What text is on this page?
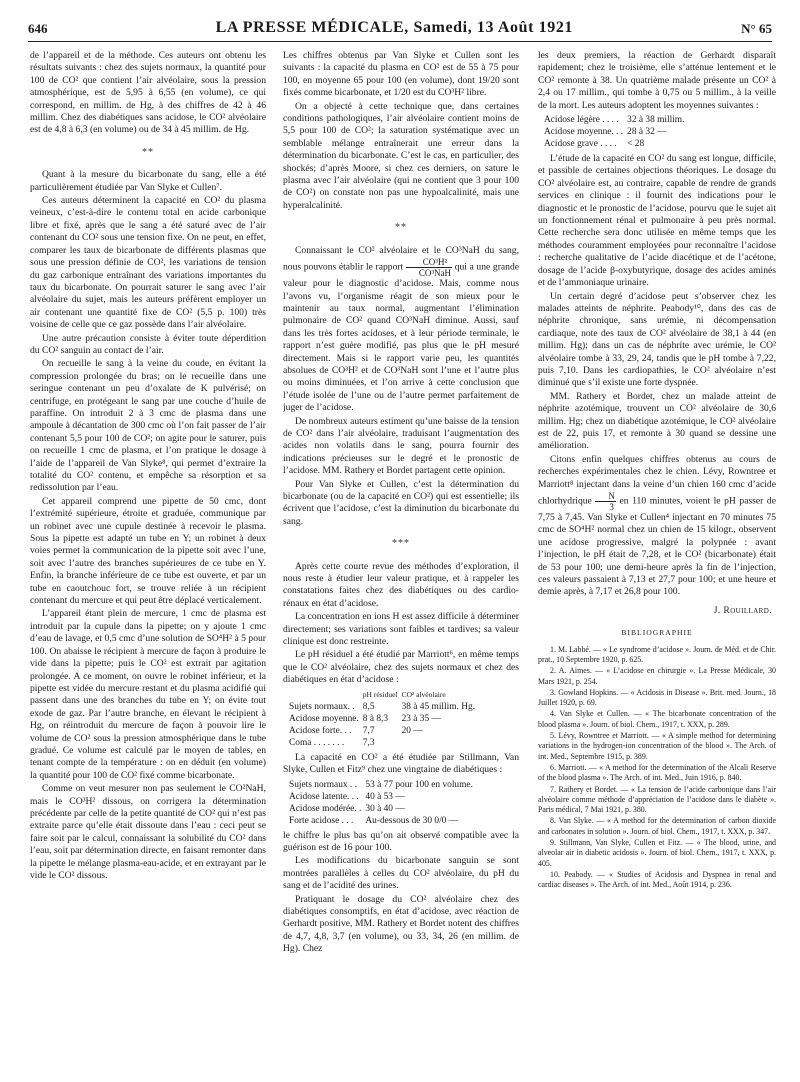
646	LA PRESSE MÉDICALE, Samedi, 13 Août 1921	N° 65

de l’appareil et de la méthode. Ces auteurs ont obtenu les résultats suivants : chez des sujets normaux, la quantité pour 100 de CO² que contient l’air alvéolaire, sous la pression atmosphérique, est de 5,95 à 6,55 (en volume), ce qui correspond, en millim. de Hg, à des chiffres de 42 à 46 millim. Chez des diabétiques sans acidose, le CO² alvéolaire est de 4,8 à 6,3 (en volume) ou de 34 à 45 millim. de Hg.

**

Quant à la mesure du bicarbonate du sang, elle a été particulièrement étudiée par Van Slyke et Cullen⁷.

Ces auteurs déterminent la capacité en CO² du plasma veineux, c’est-à-dire le contenu total en acide carbonique libre et fixé, après que le sang a été saturé avec de l’air contenant du CO² sous une tension fixe. On ne peut, en effet, comparer les taux de bicarbonate de différents plasmas que sous une pression définie de CO², les variations de tension du gaz carbonique entraînant des variations importantes du taux du bicarbonate. On pourrait saturer le sang avec l’air alvéolaire du sujet, mais les auteurs préfèrent employer un air contenant une quantité fixe de CO² (5,5 p. 100) très voisine de celle que ce gaz possède dans l’air alvéolaire.

Une autre précaution consiste à éviter toute déperdition du CO² sanguin au contact de l’air.

On recueille le sang à la veine du coude, en évitant la compression prolongée du bras; on le recueille dans une seringue contenant un peu d’oxalate de K pulvérisé; on centrifuge, en protégeant le sang par une couche d’huile de paraffine. On introduit 2 à 3 cmc de plasma dans une ampoule à décantation de 300 cmc où l’on fait passer de l’air contenant 5,5 pour 100 de CO²; on agite pour le saturer, puis on recueille 1 cmc de plasma, et l’on pratique le dosage à l’aide de l’appareil de Van Slyke⁸, qui permet d’extraire la totalité du CO² contenu, et empêche sa résorption et sa redissolution par l’eau.

Cet appareil comprend une pipette de 50 cmc, dont l’extrémité supérieure, étroite et graduée, communique par un robinet avec une cupule destinée à recevoir le plasma. Sous la pipette est adapté un tube en Y; un robinet à deux voies permet la communication de la pipette soit avec l’une, soit avec l’autre des branches supérieures de ce tube en Y. Enfin, la branche inférieure de ce tube est ouverte, et par un tube en caoutchouc fort, se trouve reliée à un récipient contenant du mercure et qui peut être déplacé verticalement.

L’appareil étant plein de mercure, 1 cmc de plasma est introduit par la cupule dans la pipette; on y ajoute 1 cmc d’eau de lavage, et 0,5 cmc d’une solution de SO⁴H² à 5 pour 100. On abaisse le récipient à mercure de façon à produire le vide dans la pipette; puis le CO² est extrait par agitation prolongée. A ce moment, on ouvre le robinet inférieur, et la pipette est vidée du mercure restant et du plasma acidifié qui passent dans une des branches du tube en Y; on évite tout exode de gaz. Par l’autre branche, en élevant le récipient à Hg, on réintroduit du mercure de façon à pouvoir lire le volume de CO² sous la pression atmosphérique dans le tube gradué. Ce volume est calculé par le moyen de tables, en tenant compte de la température : on en déduit (en volume) la quantité pour 100 de CO² fixé comme bicarbonate.

Comme on veut mesurer non pas seulement le CO²NaH, mais le CO³H² dissous, on corrigera la détermination précédente par celle de la petite quantité de CO² qui n’est pas extraite parce qu’elle était dissoute dans l’eau : ceci peut se faire soit par le calcul, connaissant la solubilité du CO² dans l’eau, soit par détermination directe, en faisant remonter dans la pipette le mélange plasma-eau-acide, et en extrayant par le vide le CO² dissous.

Les chiffres obtenus par Van Slyke et Cullen sont les suivants : la capacité du plasma en CO² est de 55 à 75 pour 100, en moyenne 65 pour 100 (en volume), dont 19/20 sont fixés comme bicarbonate, et 1/20 est du CO³H² libre.

On a objecté à cette technique que, dans certaines conditions pathologiques, l’air alvéolaire contient moins de 5,5 pour 100 de CO²; la saturation systématique avec un semblable mélange entraînerait une erreur dans la détermination du bicarbonate. C’est le cas, en particulier, des shockés; d’après Moore, si chez ces derniers, on sature le plasma avec l’air alvéolaire (qui ne contient que 3 pour 100 de CO²) on constate non pas une hypoalcalinité, mais une hyperalcalinité.

**

Connaissant le CO² alvéolaire et le CO³NaH du sang, nous pouvons établir le rapport $\frac{\text{CO³H²}}{\text{CO³NaH}}$ qui a une grande valeur pour le diagnostic d’acidose. Mais, comme nous l’avons vu, l’organisme réagit de son mieux pour le maintenir au taux normal, augmentant l’élimination pulmonaire de CO² quand CO³NaH diminue. Aussi, sauf dans les très fortes acidoses, et à leur période terminale, le rapport n’est guère modifié, pas plus que le pH mesuré directement. Mais si le rapport varie peu, les quantités absolues de CO³H² et de CO³NaH sont l’une et l’autre plus ou moins diminuées, et l’on arrive à cette conclusion que l’étude isolée de l’une ou de l’autre permet parfaitement de juger de l’acidose.

De nombreux auteurs estiment qu’une baisse de la tension de CO² dans l’air alvéolaire, traduisant l’augmentation des acides non volatils dans le sang, pourra fournir des indications précieuses sur le degré et le pronostic de l’acidose. MM. Rathery et Bordet partagent cette opinion.

Pour Van Slyke et Cullen, c’est la détermination du bicarbonate (ou de la capacité en CO²) qui est essentielle; ils écrivent que l’acidose, c’est la diminution du bicarbonate du sang.

***

Après cette courte revue des méthodes d’exploration, il nous reste à étudier leur valeur pratique, et à rappeler les constatations faites chez des diabétiques ou des cardio-rénaux en état d’acidose.

La concentration en ions H est assez difficile à déterminer directement; ses variations sont faibles et tardives; sa valeur clinique est donc restreinte.

Le pH résiduel a été étudié par Marriott⁶, en même temps que le CO² alvéolaire, chez des sujets normaux et chez des diabétiques en état d’acidose :

	pH résiduel	CO² alvéolaire
Sujets normaux. .	8,5	38 à 45 millim. Hg.
Acidose moyenne.	8 à 8,3	23 à 35 —
Acidose forte. . .	7,7	20 —
Coma . . . . . . .	7,3	

La capacité en CO² a été étudiée par Stillmann, Van Slyke, Cullen et Fitz⁹ chez une vingtaine de diabétiques :

Sujets normaux . .	53 à 77 pour 100 en volume.
Acidose latente. . .	40 à 53 —
Acidose modérée. .	30 à 40 —
Forte acidose . . .	Au-dessous de 30 0/0 —

le chiffre le plus bas qu’on ait observé compatible avec la guérison est de 16 pour 100.

Les modifications du bicarbonate sanguin se sont montrées parallèles à celles du CO² alvéolaire, du pH du sang et de l’acidité des urines.

Pratiquant le dosage du CO² alvéolaire chez des diabétiques consomptifs, en état d’acidose, avec réaction de Gerhardt positive, MM. Rathery et Bordet notent des chiffres de 4,7, 4,8, 3,7 (en volume), ou 33, 34, 26 (en millim. de Hg). Chez

les deux premiers, la réaction de Gerhardt disparaît rapidement; chez le troisième, elle s’atténue lentement et le CO² remonte à 38. Un quatrième malade présente un CO² à 2,4 ou 17 millim., qui tombe à 0,75 ou 5 millim., à la veille de la mort. Les auteurs adoptent les moyennes suivantes :

Acidose légère . . . .	32 à 38 millim.
Acidose moyenne. . .	28 à 32 —
Acidose grave . . . .	< 28

L’étude de la capacité en CO² du sang est longue, difficile, et passible de certaines objections théoriques. Le dosage du CO² alvéolaire est, au contraire, capable de rendre de grands services en clinique : il fournit des indications pour le diagnostic et le pronostic de l’acidose, pourvu que le sujet ait un fonctionnement rénal et pulmonaire à peu près normal. Cette recherche sera donc utilisée en même temps que les méthodes couramment employées pour reconnaître l’acidose : recherche qualitative de l’acide diacétique et de l’acétone, dosage de l’acide β-oxybutyrique, dosage des acides aminés et de l’ammoniaque urinaire.

Un certain degré d’acidose peut s’observer chez les malades atteints de néphrite. Peabody¹⁰, dans des cas de néphrite chronique, sans urémie, ni décompensation cardiaque, note des taux de CO² alvéolaire de 38,1 à 44 (en millim. Hg); dans un cas de néphrite avec urémie, le CO² alvéolaire tombe à 33, 29, 24, tandis que le pH tombe à 7,22, puis 7,10. Dans les cardiopathies, le CO² alvéolaire n’est diminué que s’il existe une forte dyspnée.

MM. Rathery et Bordet, chez un malade atteint de néphrite azotémique, trouvent un CO² alvéolaire de 30,6 millim. Hg; chez un diabétique azotémique, le CO² alvéolaire est de 22, puis 17, et remonte à 30 quand se dessine une amélioration.

Citons enfin quelques chiffres obtenus au cours de recherches expérimentales chez le chien. Lévy, Rowntree et Marriott⁸ injectant dans la veine d’un chien 160 cmc d’acide chlorhydrique $\frac{N}{3}$ en 110 minutes, voient le pH passer de 7,75 à 7,45. Van Slyke et Cullen⁴ injectant en 70 minutes 75 cmc de SO⁴H² normal chez un chien de 15 kilogr., observent une acidose progressive, malgré la polypnée : avant l’injection, le pH était de 7,28, et le CO² (bicarbonate) était de 53 pour 100; une demi-heure après la fin de l’injection, ces valeurs passaient à 7,13 et 27,7 pour 100; et une heure et demie après, à 7,17 et 26,8 pour 100.

J. Rouillard.
BIBLIOGRAPHIE

1. M. Labbé. — « Le syndrome d’acidose ». Journ. de Méd. et de Chir. prat., 10 Septembre 1920, p. 625.

2. A. Aimes. — « L’acidose en chirurgie ». La Presse Médicale, 30 Mars 1921, p. 254.

3. Gowland Hopkins. — « Acidosis in Disease ». Brit. med. Journ., 18 Juillet 1920, p. 69.

4. Van Slyke et Cullen. — « The bicarbonate concentration of the blood plasma ». Journ. of biol. Chem., 1917, t. XXX, p. 289.

5. Lévy, Rowntree et Marriott. — « A simple method for determining variations in the hydrogen-ion concentration of the blood ». The Arch. of int. Med., Septembre 1915, p. 389.

6. Marriott. — « A method for the determination of the Alcali Reserve of the blood plasma ». The Arch. of int. Med., Juin 1916, p. 840.

7. Rathery et Bordet. — « La tension de l’acide carbonique dans l’air alvéolaire comme méthode d’appréciation de l’acidose dans le diabète ». Paris médical, 7 Mai 1921, p. 380.

8. Van Slyke. — « A method for the determination of carbon dioxide and carbonates in solution ». Journ. of biol. Chem., 1917, t. XXX, p. 347.

9. Stillmann, Van Slyke, Cullen et Fitz. — « The blood, urine, and alveolar air in diabetic acidosis ». Journ. of biol. Chem., 1917, t. XXX, p. 405.

10. Peabody. — « Studies of Acidosis and Dyspnea in renal and cardiac diseases ». The Arch. of int. Med., Août 1914, p. 236.
